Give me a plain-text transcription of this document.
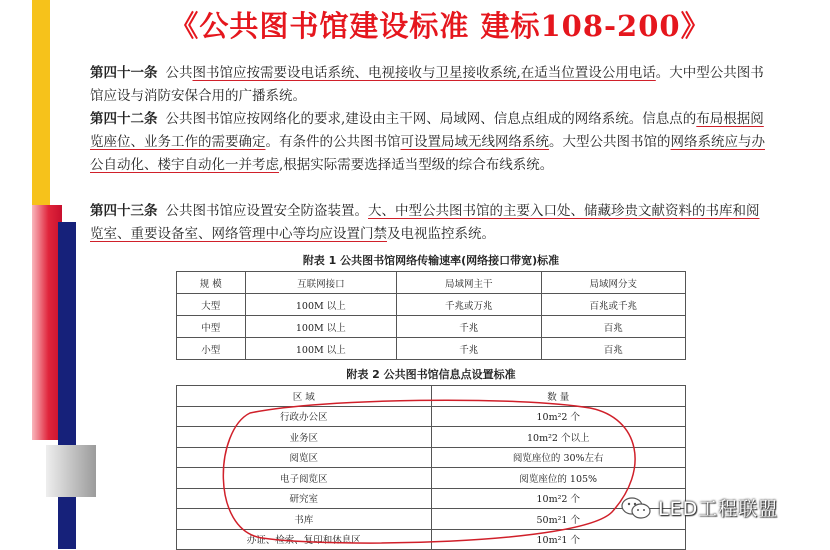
《公共图书馆建设标准 建标108-200》
第四十一条 公共图书馆应按需要设电话系统、电视接收与卫星接收系统,在适当位置设公用电话。大中型公共图书馆应设与消防安保合用的广播系统。
第四十二条 公共图书馆应按网络化的要求,建设由主干网、局域网、信息点组成的网络系统。信息点的布局根据阅览座位、业务工作的需要确定。有条件的公共图书馆可设置局域无线网络系统。大型公共图书馆的网络系统应与办公自动化、楼宇自动化一并考虑,根据实际需要选择适当型级的综合布线系统。
第四十三条 公共图书馆应设置安全防盗装置。大、中型公共图书馆的主要入口处、储藏珍贵文献资料的书库和阅览室、重要设备室、网络管理中心等均应设置门禁及电视监控系统。
附表 1 公共图书馆网络传输速率(网络接口带宽)标准
规 模	互联网接口	局域网主干	局域网分支
大型	100M 以上	千兆或万兆	百兆或千兆
中型	100M 以上	千兆	百兆
小型	100M 以上	千兆	百兆
附表 2 公共图书馆信息点设置标准
区 域	数 量
行政办公区	10m²2 个
业务区	10m²2 个以上
阅览区	阅览座位的 30%左右
电子阅览区	阅览座位的 105%
研究室	10m²2 个
书库	50m²1 个
办证、检索、复印和休息区	10m²1 个
LED工程联盟
